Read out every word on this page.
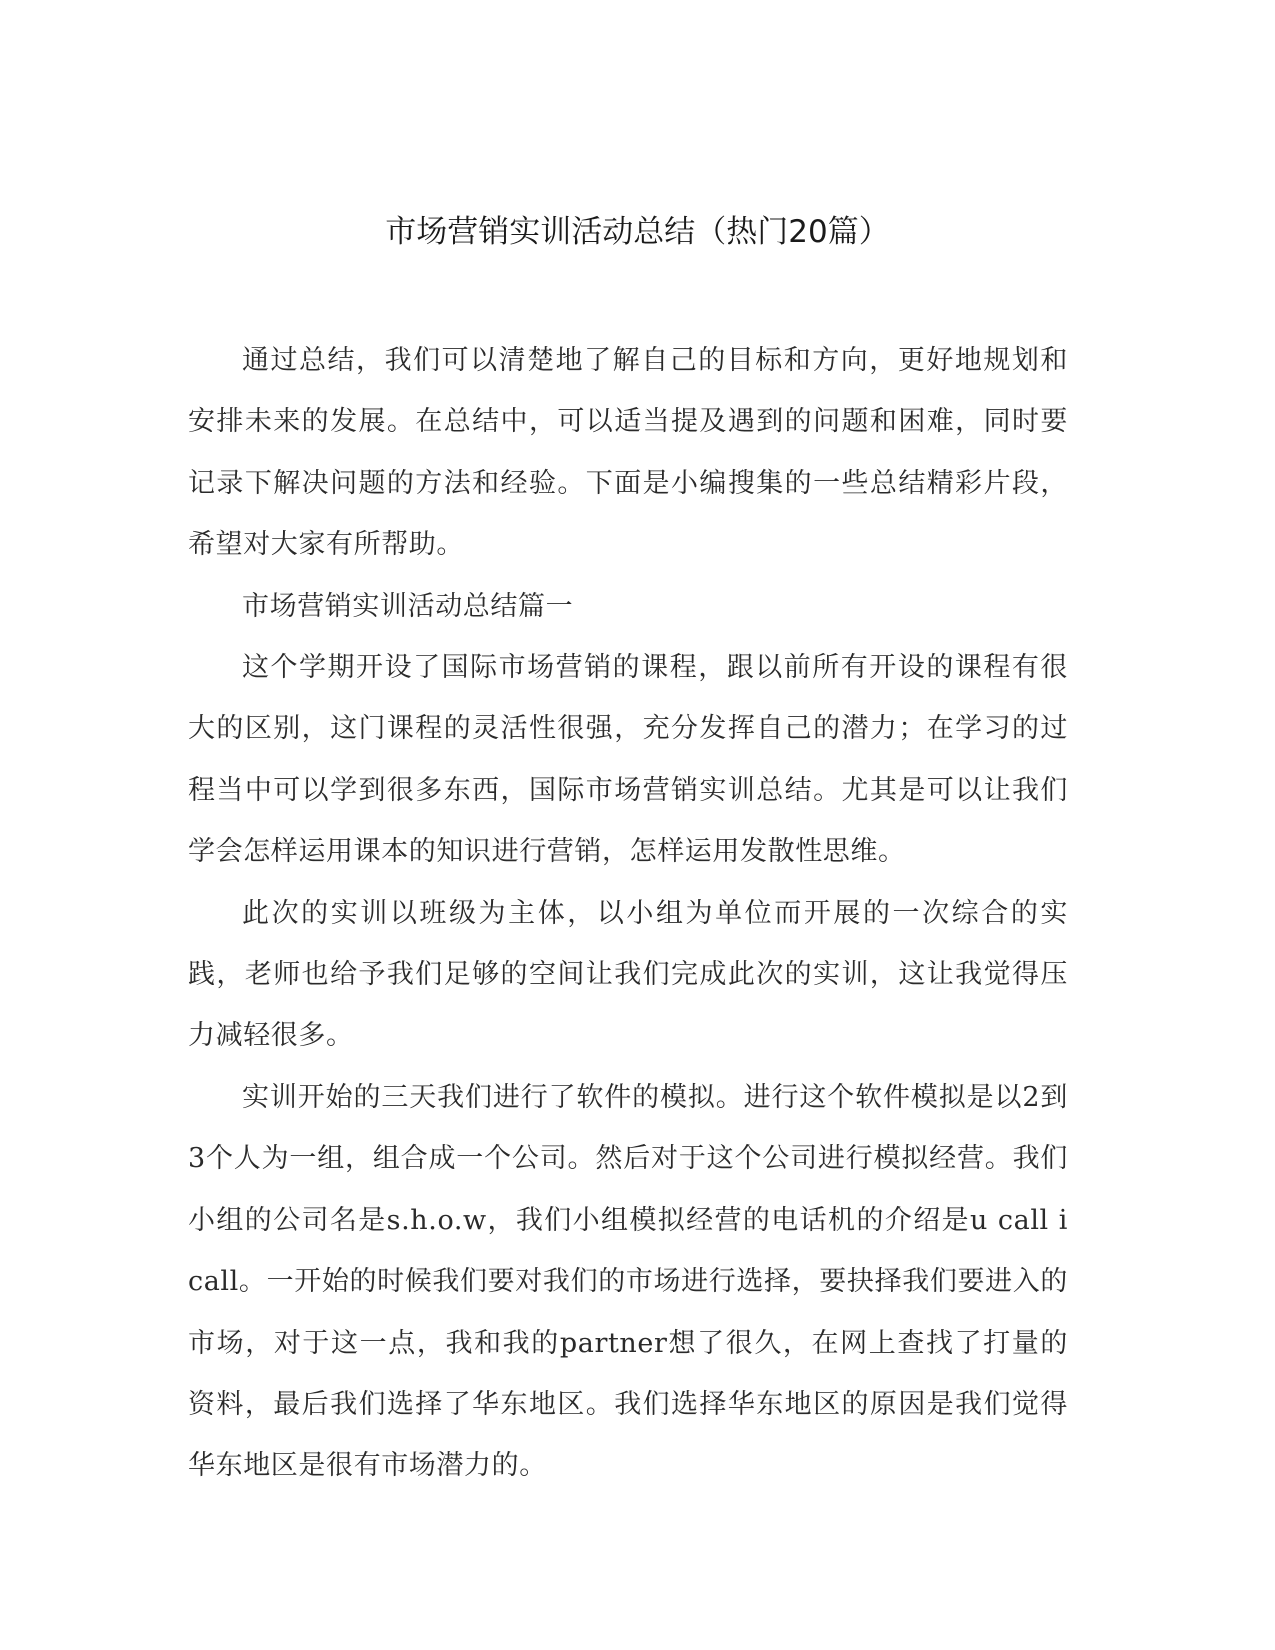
市场营销实训活动总结（热门20篇）

通过总结，我们可以清楚地了解自己的目标和方向，更好地规划和安排未来的发展。在总结中，可以适当提及遇到的问题和困难，同时要记录下解决问题的方法和经验。下面是小编搜集的一些总结精彩片段，希望对大家有所帮助。

市场营销实训活动总结篇一

这个学期开设了国际市场营销的课程，跟以前所有开设的课程有很大的区别，这门课程的灵活性很强，充分发挥自己的潜力；在学习的过程当中可以学到很多东西，国际市场营销实训总结。尤其是可以让我们学会怎样运用课本的知识进行营销，怎样运用发散性思维。

此次的实训以班级为主体，以小组为单位而开展的一次综合的实践，老师也给予我们足够的空间让我们完成此次的实训，这让我觉得压力减轻很多。

实训开始的三天我们进行了软件的模拟。进行这个软件模拟是以2到3个人为一组，组合成一个公司。然后对于这个公司进行模拟经营。我们小组的公司名是s.h.o.w，我们小组模拟经营的电话机的介绍是u call i call。一开始的时候我们要对我们的市场进行选择，要抉择我们要进入的市场，对于这一点，我和我的partner想了很久，在网上查找了打量的资料，最后我们选择了华东地区。我们选择华东地区的原因是我们觉得华东地区是很有市场潜力的。
